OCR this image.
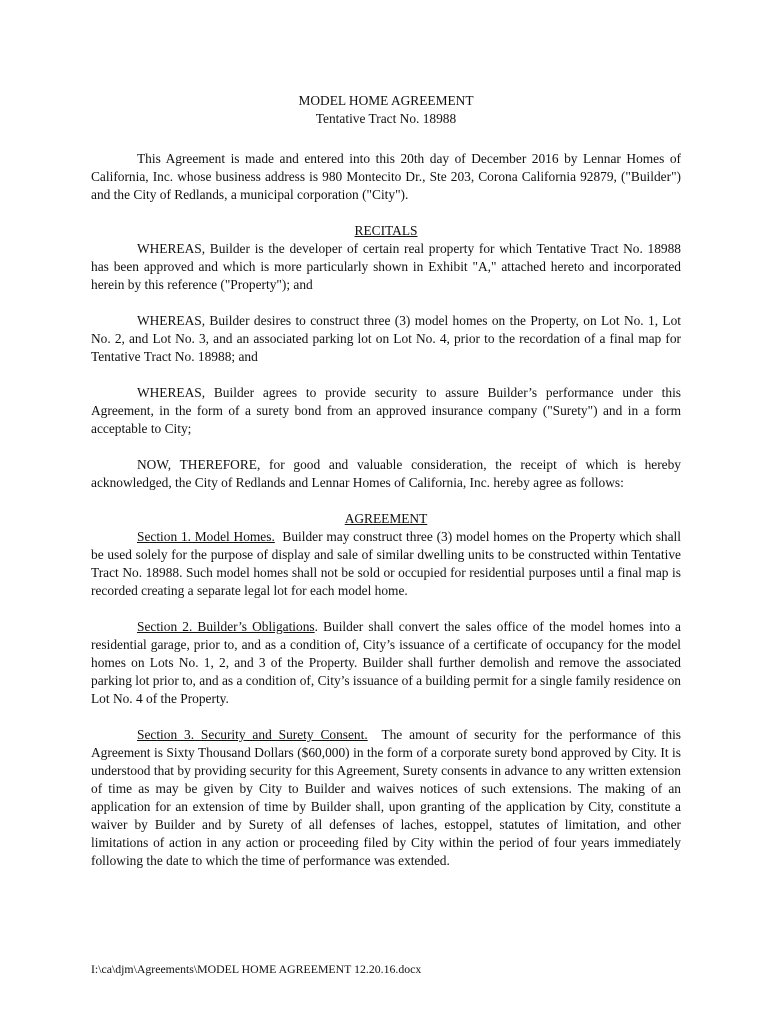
MODEL HOME AGREEMENT
Tentative Tract No. 18988

This Agreement is made and entered into this 20th day of December 2016 by Lennar Homes of California, Inc. whose business address is 980 Montecito Dr., Ste 203, Corona California 92879, ("Builder") and the City of Redlands, a municipal corporation ("City").

RECITALS

WHEREAS, Builder is the developer of certain real property for which Tentative Tract No. 18988 has been approved and which is more particularly shown in Exhibit "A," attached hereto and incorporated herein by this reference ("Property"); and

WHEREAS, Builder desires to construct three (3) model homes on the Property, on Lot No. 1, Lot No. 2, and Lot No. 3, and an associated parking lot on Lot No. 4, prior to the recordation of a final map for Tentative Tract No. 18988; and

WHEREAS, Builder agrees to provide security to assure Builder’s performance under this Agreement, in the form of a surety bond from an approved insurance company ("Surety") and in a form acceptable to City;

NOW, THEREFORE, for good and valuable consideration, the receipt of which is hereby acknowledged, the City of Redlands and Lennar Homes of California, Inc. hereby agree as follows:

AGREEMENT

Section 1. Model Homes. Builder may construct three (3) model homes on the Property which shall be used solely for the purpose of display and sale of similar dwelling units to be constructed within Tentative Tract No. 18988. Such model homes shall not be sold or occupied for residential purposes until a final map is recorded creating a separate legal lot for each model home.

Section 2. Builder’s Obligations. Builder shall convert the sales office of the model homes into a residential garage, prior to, and as a condition of, City’s issuance of a certificate of occupancy for the model homes on Lots No. 1, 2, and 3 of the Property. Builder shall further demolish and remove the associated parking lot prior to, and as a condition of, City’s issuance of a building permit for a single family residence on Lot No. 4 of the Property.

Section 3. Security and Surety Consent. The amount of security for the performance of this Agreement is Sixty Thousand Dollars ($60,000) in the form of a corporate surety bond approved by City. It is understood that by providing security for this Agreement, Surety consents in advance to any written extension of time as may be given by City to Builder and waives notices of such extensions. The making of an application for an extension of time by Builder shall, upon granting of the application by City, constitute a waiver by Builder and by Surety of all defenses of laches, estoppel, statutes of limitation, and other limitations of action in any action or proceeding filed by City within the period of four years immediately following the date to which the time of performance was extended.

I:\ca\djm\Agreements\MODEL HOME AGREEMENT 12.20.16.docx
